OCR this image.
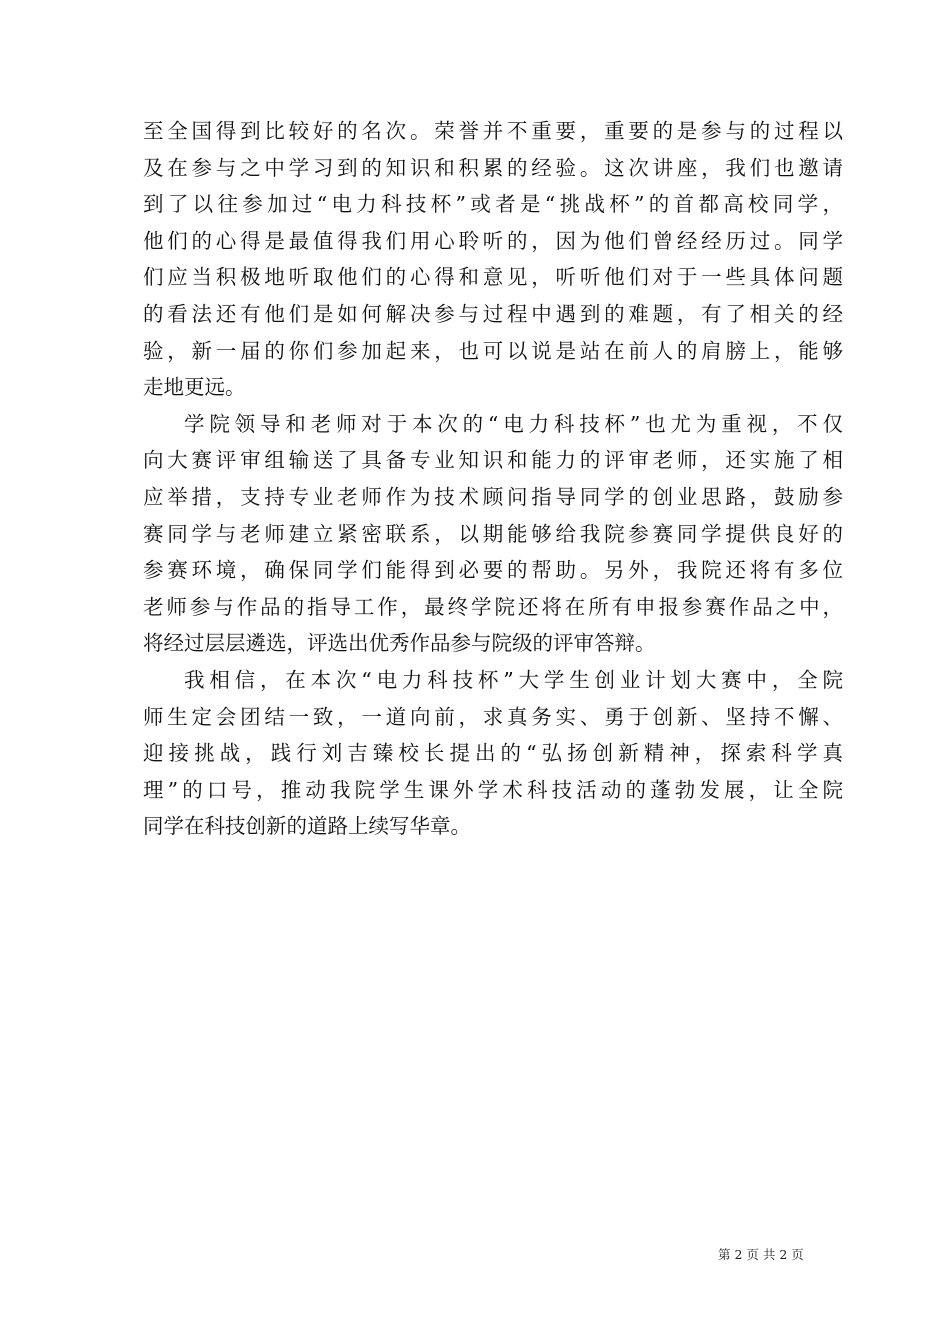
至全国得到比较好的名次。荣誉并不重要，重要的是参与的过程以
及在参与之中学习到的知识和积累的经验。这次讲座，我们也邀请
到了以往参加过“电力科技杯”或者是“挑战杯”的首都高校同学，
他们的心得是最值得我们用心聆听的，因为他们曾经经历过。同学
们应当积极地听取他们的心得和意见，听听他们对于一些具体问题
的看法还有他们是如何解决参与过程中遇到的难题，有了相关的经
验，新一届的你们参加起来，也可以说是站在前人的肩膀上，能够
走地更远。
学院领导和老师对于本次的“电力科技杯”也尤为重视，不仅
向大赛评审组输送了具备专业知识和能力的评审老师，还实施了相
应举措，支持专业老师作为技术顾问指导同学的创业思路，鼓励参
赛同学与老师建立紧密联系，以期能够给我院参赛同学提供良好的
参赛环境，确保同学们能得到必要的帮助。另外，我院还将有多位
老师参与作品的指导工作，最终学院还将在所有申报参赛作品之中，
将经过层层遴选，评选出优秀作品参与院级的评审答辩。
我相信，在本次“电力科技杯”大学生创业计划大赛中，全院
师生定会团结一致，一道向前，求真务实、勇于创新、坚持不懈、
迎接挑战，践行刘吉臻校长提出的“弘扬创新精神，探索科学真
理”的口号，推动我院学生课外学术科技活动的蓬勃发展，让全院
同学在科技创新的道路上续写华章。
第 2 页 共 2 页
